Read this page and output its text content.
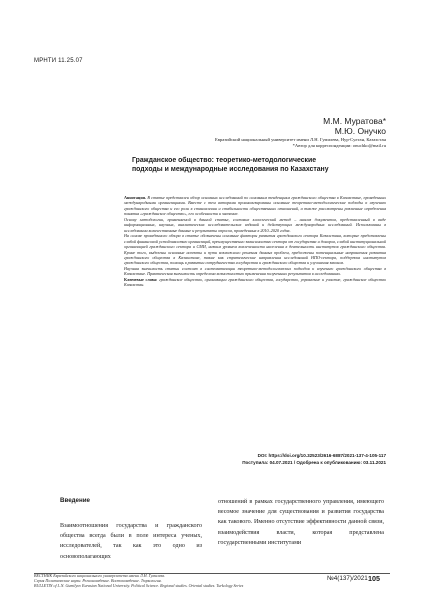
МРНТИ 11.25.07
М.М. Муратова*
М.Ю. Онучко
Евразийский национальный университет имени Л.Н. Гумилева, Нур-Султан, Казахстан
*Автор для корреспонденции: onuchko@mail.ru
Гражданское общество: теоретико-методологические
подходы и международные исследования по Казахстану

Аннотация. В статье представлен обзор основных исследований по основным тенденциям гражданского общества в Казахстане, проведенных международными организациями. Вместе с тем авторами проанализированы основные теоретико-методологические подходы к изучению гражданского общества и его роли в становлении и стабильности общественных отношений, а также рассмотрены различные определения понятия «гражданское общество», его особенности и значение.

Основу методологии, применяемой в данной статье, составил классический метод – анализ документов, представленный в виде информационных, научных, аналитических исследовательских изданий и действующих международных исследований. Использованы в исследовании количественные данные и результаты опросов, проведенных в 2010–2020 годах.

На основе проведенного обзора в статье обозначены основные факторы развития гражданского сектора Казахстана, которые представлены слабой финансовой устойчивостью организаций, преимущественно зависимостью сектора от государства и доноров, слабой институциональной организацией гражданского сектора и СМИ, низким уровнем вовлеченности населения в деятельность институтов гражданского общества. Кроме того, выделены основные аспекты и пути возможного решения данных проблем, предложены потенциальные направления развития гражданского общества в Казахстане, такие как стратегические направления исследований НПО-сектора, поддержка институтов гражданского общества, помощь в развитии сотрудничества государства и гражданского общества и улучшения законов.

Научная значимость статьи состоит в систематизации теоретико-методологических подходов к изучению гражданского общества в Казахстане. Практическая значимость определена возможностью применения полученных результатов в исследованиях.

Ключевые слова: гражданское общество, организации гражданского общества, государство, управление и участие, гражданское общество Казахстан.

DOI: https://doi.org/10.32523/2616-6887/2021-137-4-105-117
Поступила: 04.07.2021 / Одобрена к опубликованию: 03.11.2021
Введение

Взаимоотношения государства и гражданского общества всегда были в поле интереса ученых, исследователей, так как это одно из основополагающих

отношений в рамках государственного управления, имеющего весомое значение для существования и развития государства как такового. Именно отсутствие эффективности данной связи, взаимодействия власти, которая представлена государственными институтами

ВЕСТНИК Евразийского национального университета имени Л.Н. Гумилева.
Серия Политические науки. Регионоведение. Востоковедение. Тюркология.
BULLETIN of L.N. Gumilyov Eurasian National University. Political Science. Regional studies. Oriental studies. Turkology Series
№4(137)/2021 105
